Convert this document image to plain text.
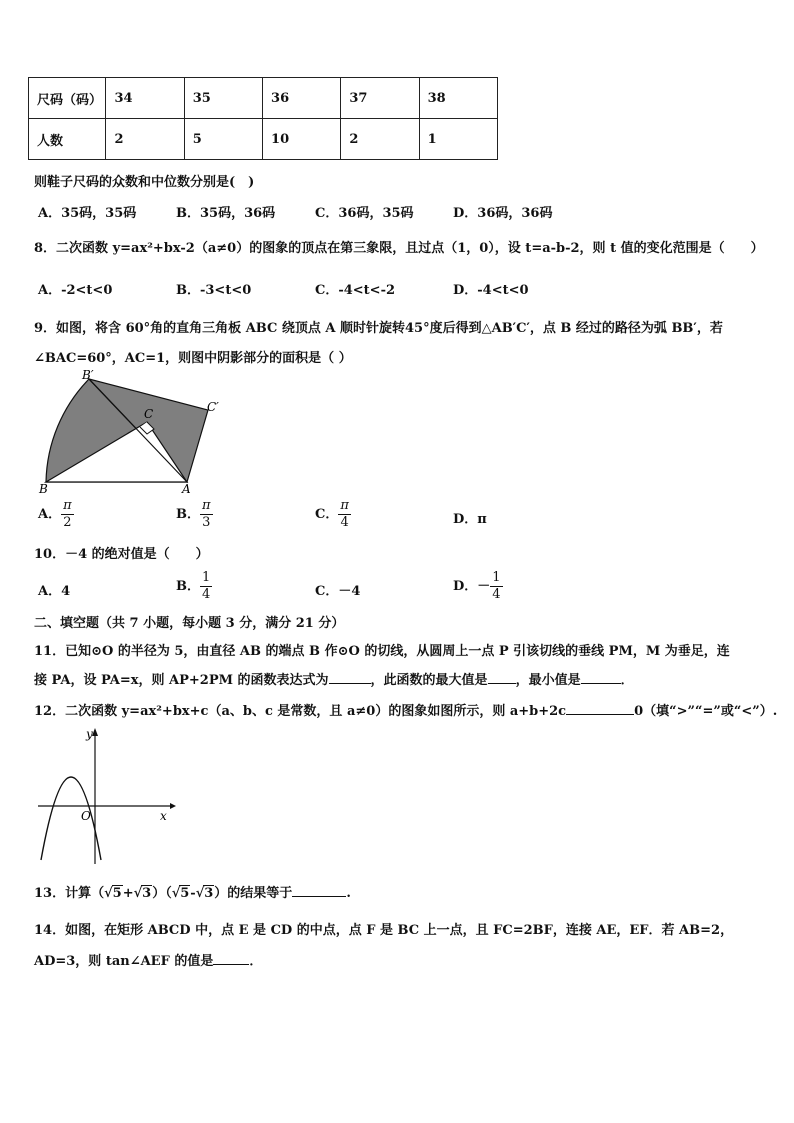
尺码（码）	34	35	36	37	38
人数	2	5	10	2	1
则鞋子尺码的众数和中位数分别是(　)
A．35码，35码	B．35码，36码	C．36码，35码	D．36码，36码
8．二次函数 y=ax²+bx-2（a≠0）的图象的顶点在第三象限，且过点（1，0），设 t=a-b-2，则 t 值的变化范围是（　　）
A．-2<t<0	B．-3<t<0	C．-4<t<-2	D．-4<t<0
9．如图，将含 60°角的直角三角板 ABC 绕顶点 A 顺时针旋转45°度后得到△AB′C′，点 B 经过的路径为弧 BB′，若
∠BAC=60°，AC=1，则图中阴影部分的面积是（ ）
B′
C′
C
B	A
A． $\frac{\pi}{2}$	B． $\frac{\pi}{3}$	C． $\frac{\pi}{4}$	D．π
10．－4 的绝对值是（　　）
A．4	B． $\frac{1}{4}$	C．－4	D．－ $\frac{1}{4}$
二、填空题（共 7 小题，每小题 3 分，满分 21 分）
11．已知⊙O 的半径为 5，由直径 AB 的端点 B 作⊙O 的切线，从圆周上一点 P 引该切线的垂线 PM，M 为垂足，连
接 PA，设 PA=x，则 AP+2PM 的函数表达式为	，此函数的最大值是 ，最小值是	．
12．二次函数 y=ax²+bx+c（a、b、c 是常数，且 a≠0）的图象如图所示，则 a+b+2c	0（填“>”“=”或“<”）.
y
x
O
13．计算（√5+√3）（√5-√3）的结果等于	.
14．如图，在矩形 ABCD 中，点 E 是 CD 的中点，点 F 是 BC 上一点，且 FC=2BF，连接 AE，EF．若 AB=2，
AD=3，则 tan∠AEF 的值是	．
